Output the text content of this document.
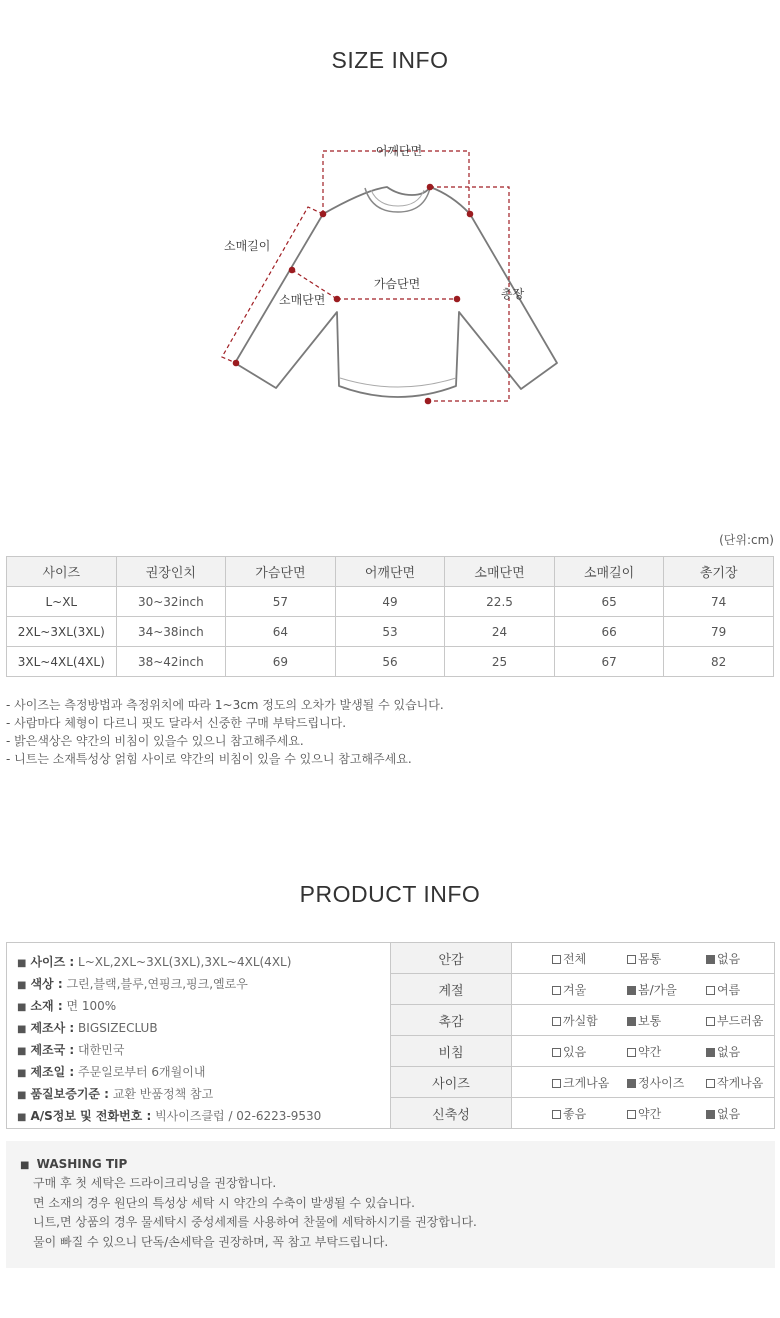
SIZE INFO
어깨단면
소매길이
가슴단면
소매단면	총장
(단위:cm)
사이즈	권장인치	가슴단면	어깨단면	소매단면	소매길이	총기장
L~XL	30~32inch	57	49	22.5	65	74
2XL~3XL(3XL)	34~38inch	64	53	24	66	79
3XL~4XL(4XL)	38~42inch	69	56	25	67	82
- 사이즈는 측정방법과 측정위치에 따라 1~3cm 정도의 오차가 발생될 수 있습니다.
- 사람마다 체형이 다르니 핏도 달라서 신중한 구매 부탁드립니다.
- 밝은색상은 약간의 비침이 있을수 있으니 참고해주세요.
- 니트는 소재특성상 얽힘 사이로 약간의 비침이 있을 수 있으니 참고해주세요.
PRODUCT INFO
■ 사이즈 : L~XL,2XL~3XL(3XL),3XL~4XL(4XL)
■ 색상 : 그린,블랙,블루,연핑크,핑크,옐로우
■ 소재 : 면 100%
■ 제조사 : BIGSIZECLUB
■ 제조국 : 대한민국
■ 제조일 : 주문일로부터 6개월이내
■ 품질보증기준 : 교환 반품정책 참고
■ A/S정보 및 전화번호 : 빅사이즈클럽 / 02-6223-9530
안감	전체 몸통 없음
계절	겨울 봄/가을 여름
촉감	까실함 보통 부드러움
비침	있음 약간 없음
사이즈	크게나옴 정사이즈 작게나옴
신축성	좋음 약간 없음
■ WASHING TIP
구매 후 첫 세탁은 드라이크리닝을 권장합니다.
면 소재의 경우 원단의 특성상 세탁 시 약간의 수축이 발생될 수 있습니다.
니트,면 상품의 경우 물세탁시 중성세제를 사용하여 찬물에 세탁하시기를 권장합니다.
물이 빠질 수 있으니 단독/손세탁을 권장하며, 꼭 참고 부탁드립니다.
